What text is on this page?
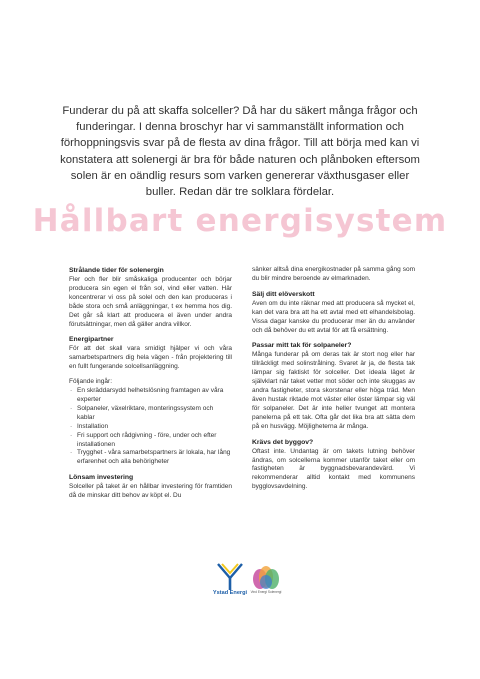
Funderar du på att skaffa solceller? Då har du säkert många frågor och funderingar. I denna broschyr har vi sammanställt information och förhoppningsvis svar på de flesta av dina frågor. Till att börja med kan vi konstatera att solenergi är bra för både naturen och plånboken eftersom solen är en oändlig resurs som varken genererar växthusgaser eller buller. Redan där tre solklara fördelar.
Hållbart energisystem
Strålande tider för solenergin

Fler och fler blir småskaliga producenter och börjar producera sin egen el från sol, vind eller vatten. Här koncentrerar vi oss på solel och den kan produceras i både stora och små anläggningar, t ex hemma hos dig. Det går så klart att producera el även under andra förutsättningar, men då gäller andra villkor.

Energipartner

För att det skall vara smidigt hjälper vi och våra samarbetspartners dig hela vägen - från projektering till en fullt fungerande solcellsanläggning.

Följande ingår:

· En skräddarsydd helhetslösning framtagen av våra experter
· Solpaneler, växelriktare, monteringssystem och kablar
· Installation
· Fri support och rådgivning - före, under och efter installationen
· Trygghet - våra samarbetspartners är lokala, har lång erfarenhet och alla behörigheter
Lönsam investering

Solceller på taket är en hållbar investering för framtiden då de minskar ditt behov av köpt el. Du

sänker alltså dina energikostnader på samma gång som du blir mindre beroende av elmarknaden.

Sälj ditt elöverskott

Aven om du inte räknar med att producera så mycket el, kan det vara bra att ha ett avtal med ett elhandelsbolag. Vissa dagar kanske du producerar mer än du använder och då behöver du ett avtal för att få ersättning.

Passar mitt tak för solpaneler?

Många funderar på om deras tak är stort nog eller har tillräckligt med solinstrålning. Svaret är ja, de flesta tak lämpar sig faktiskt för solceller. Det ideala läget är självklart när taket vetter mot söder och inte skuggas av andra fastigheter, stora skorstenar eller höga träd. Men även hustak riktade mot väster eller öster lämpar sig väl för solpaneler. Det är inte heller tvunget att montera panelerna på ett tak. Ofta går det lika bra att sätta dem på en husvägg. Möjligheterna är många.

Krävs det byggov?

Oftast inte. Undantag är om takets lutning behöver ändras, om solcellerna kommer utanför taket eller om fastigheten är byggnadsbevarandevärd. Vi rekommenderar alltid kontakt med kommunens bygglovsavdelning.

Ystad Energi	Vind Energi Solenergi
